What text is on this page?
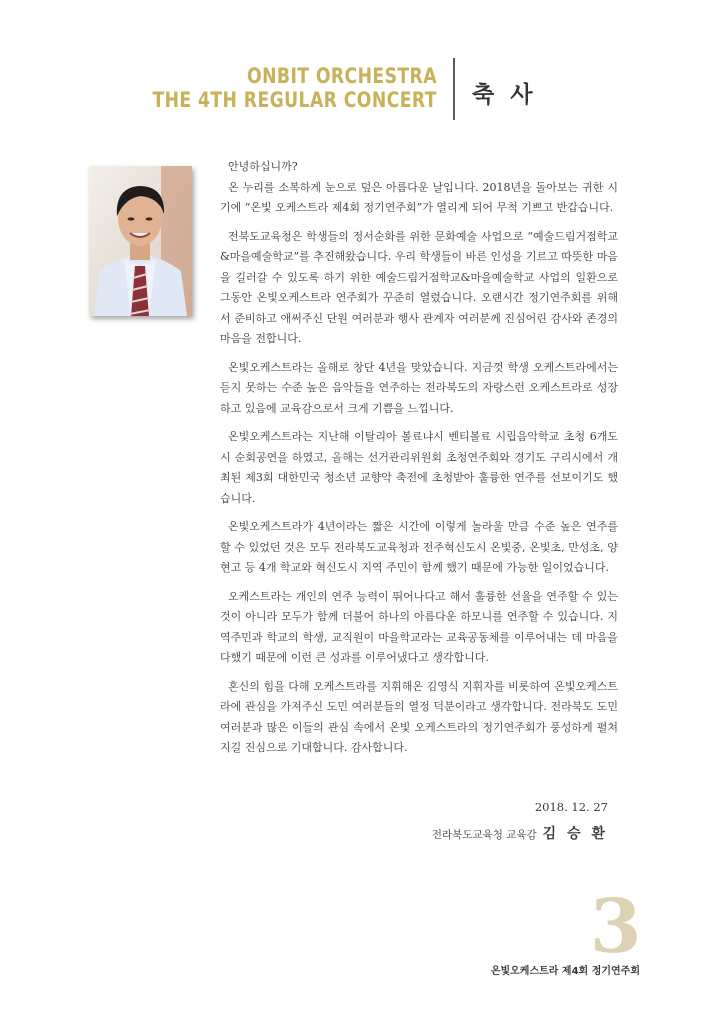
ONBIT ORCHESTRA
THE 4TH REGULAR CONCERT 축 사

안녕하십니까?

온 누리를 소복하게 눈으로 덮은 아름다운 날입니다. 2018년을 돌아보는 귀한 시기에 “온빛 오케스트라 제4회 정기연주회”가 열리게 되어 무척 기쁘고 반갑습니다.

전북도교육청은 학생들의 정서순화를 위한 문화예술 사업으로 “예술드림거점학교&마을예술학교”를 추진해왔습니다. 우리 학생들이 바른 인성을 기르고 따뜻한 마음을 길러갈 수 있도록 하기 위한 예술드림거점학교&마을예술학교 사업의 일환으로 그동안 온빛오케스트라 연주회가 꾸준히 열렸습니다. 오랜시간 정기연주회를 위해서 준비하고 애써주신 단원 여러분과 행사 관계자 여러분께 진심어린 감사와 존경의 마음을 전합니다.

온빛오케스트라는 올해로 창단 4년을 맞았습니다. 지금껏 학생 오케스트라에서는 듣지 못하는 수준 높은 음악들을 연주하는 전라북도의 자랑스런 오케스트라로 성장하고 있음에 교육감으로서 크게 기쁨을 느낍니다.

온빛오케스트라는 지난해 이탈리아 볼료냐시 벤티볼료 시립음악학교 초청 6개도시 순회공연을 하였고, 올해는 선거관리위원회 초청연주회와 경기도 구리시에서 개최된 제3회 대한민국 청소년 교향악 축전에 초청받아 훌륭한 연주를 선보이기도 했습니다.

온빛오케스트라가 4년이라는 짧은 시간에 이렇게 놀라울 만큼 수준 높은 연주를 할 수 있었던 것은 모두 전라북도교육청과 전주혁신도시 온빛중, 온빛초, 만성초, 양현고 등 4개 학교와 혁신도시 지역 주민이 함께 했기 때문에 가능한 일이었습니다.

오케스트라는 개인의 연주 능력이 뛰어나다고 해서 훌륭한 선율을 연주할 수 있는 것이 아니라 모두가 함께 더불어 하나의 아름다운 하모니를 연주할 수 있습니다. 지역주민과 학교의 학생, 교직원이 마을학교라는 교육공동체를 이루어내는 데 마음을 다했기 때문에 이런 큰 성과를 이루어냈다고 생각합니다.

혼신의 힘을 다해 오케스트라를 지휘해온 김영식 지휘자를 비롯하여 온빛오케스트라에 관심을 가져주신 도민 여러분들의 열정 덕분이라고 생각합니다. 전라북도 도민 여러분과 많은 이들의 관심 속에서 온빛 오케스트라의 정기연주회가 풍성하게 펼쳐지길 진심으로 기대합니다. 감사합니다.

2018. 12. 27
전라북도교육청 교육감 김 승 환
3
온빛오케스트라 제4회 정기연주회
